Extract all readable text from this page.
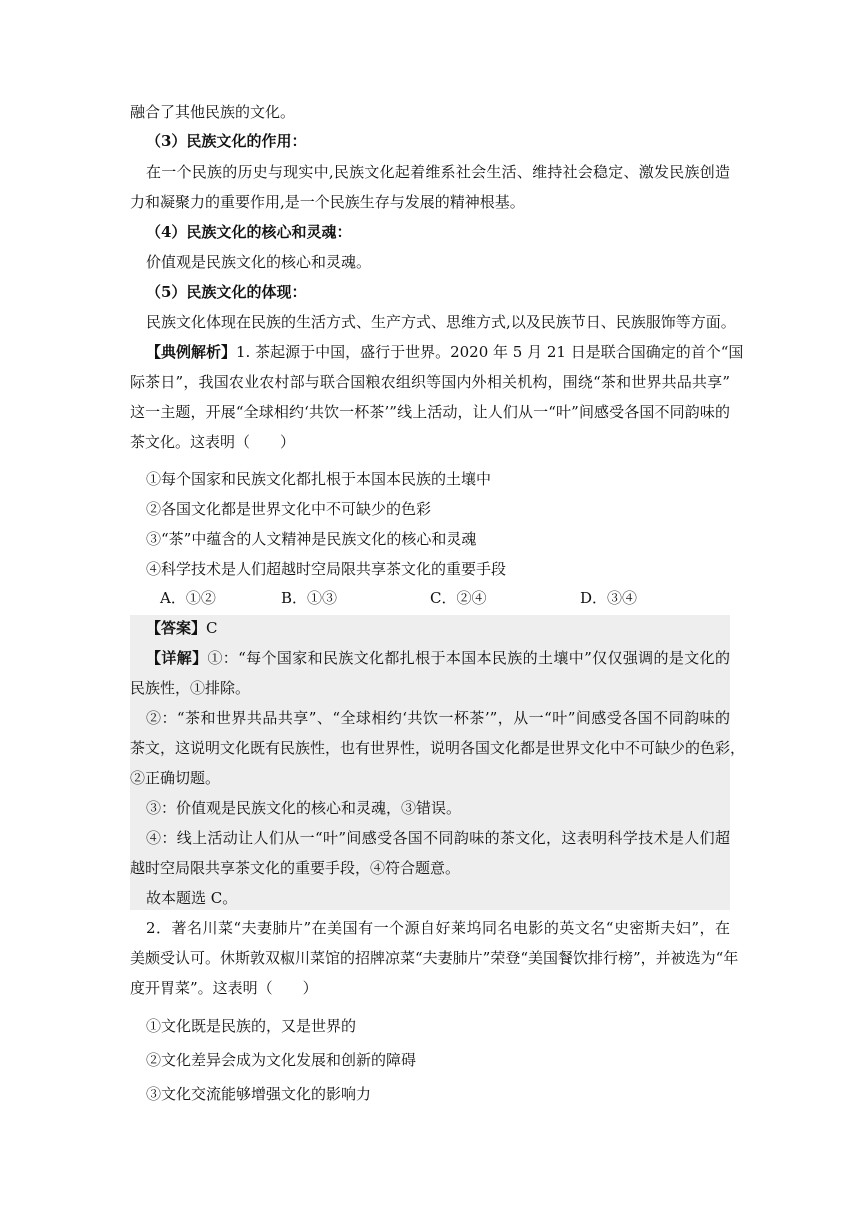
融合了其他民族的文化。
（3）民族文化的作用：
在一个民族的历史与现实中,民族文化起着维系社会生活、维持社会稳定、激发民族创造
力和凝聚力的重要作用,是一个民族生存与发展的精神根基。
（4）民族文化的核心和灵魂：
价值观是民族文化的核心和灵魂。
（5）民族文化的体现：
民族文化体现在民族的生活方式、生产方式、思维方式,以及民族节日、民族服饰等方面。
【典例解析】1. 茶起源于中国，盛行于世界。2020 年 5 月 21 日是联合国确定的首个“国
际茶日”，我国农业农村部与联合国粮农组织等国内外相关机构，围绕“茶和世界共品共享”
这一主题，开展“全球相约‘共饮一杯茶’”线上活动，让人们从一“叶”间感受各国不同韵味的
茶文化。这表明（　　）
①每个国家和民族文化都扎根于本国本民族的土壤中
②各国文化都是世界文化中不可缺少的色彩
③“茶”中蕴含的人文精神是民族文化的核心和灵魂
④科学技术是人们超越时空局限共享茶文化的重要手段
A．①②	B．①③	C．②④	D．③④
【答案】C
【详解】①：“每个国家和民族文化都扎根于本国本民族的土壤中”仅仅强调的是文化的
民族性，①排除。
②：“茶和世界共品共享”、“全球相约‘共饮一杯茶’”，从一“叶”间感受各国不同韵味的
茶文，这说明文化既有民族性，也有世界性，说明各国文化都是世界文化中不可缺少的色彩，
②正确切题。
③：价值观是民族文化的核心和灵魂，③错误。
④：线上活动让人们从一“叶”间感受各国不同韵味的茶文化，这表明科学技术是人们超
越时空局限共享茶文化的重要手段，④符合题意。
故本题选 C。
2．著名川菜“夫妻肺片”在美国有一个源自好莱坞同名电影的英文名“史密斯夫妇”，在
美颇受认可。休斯敦双椒川菜馆的招牌凉菜“夫妻肺片”荣登“美国餐饮排行榜”，并被选为“年
度开胃菜”。这表明（　　）
①文化既是民族的，又是世界的
②文化差异会成为文化发展和创新的障碍
③文化交流能够增强文化的影响力
